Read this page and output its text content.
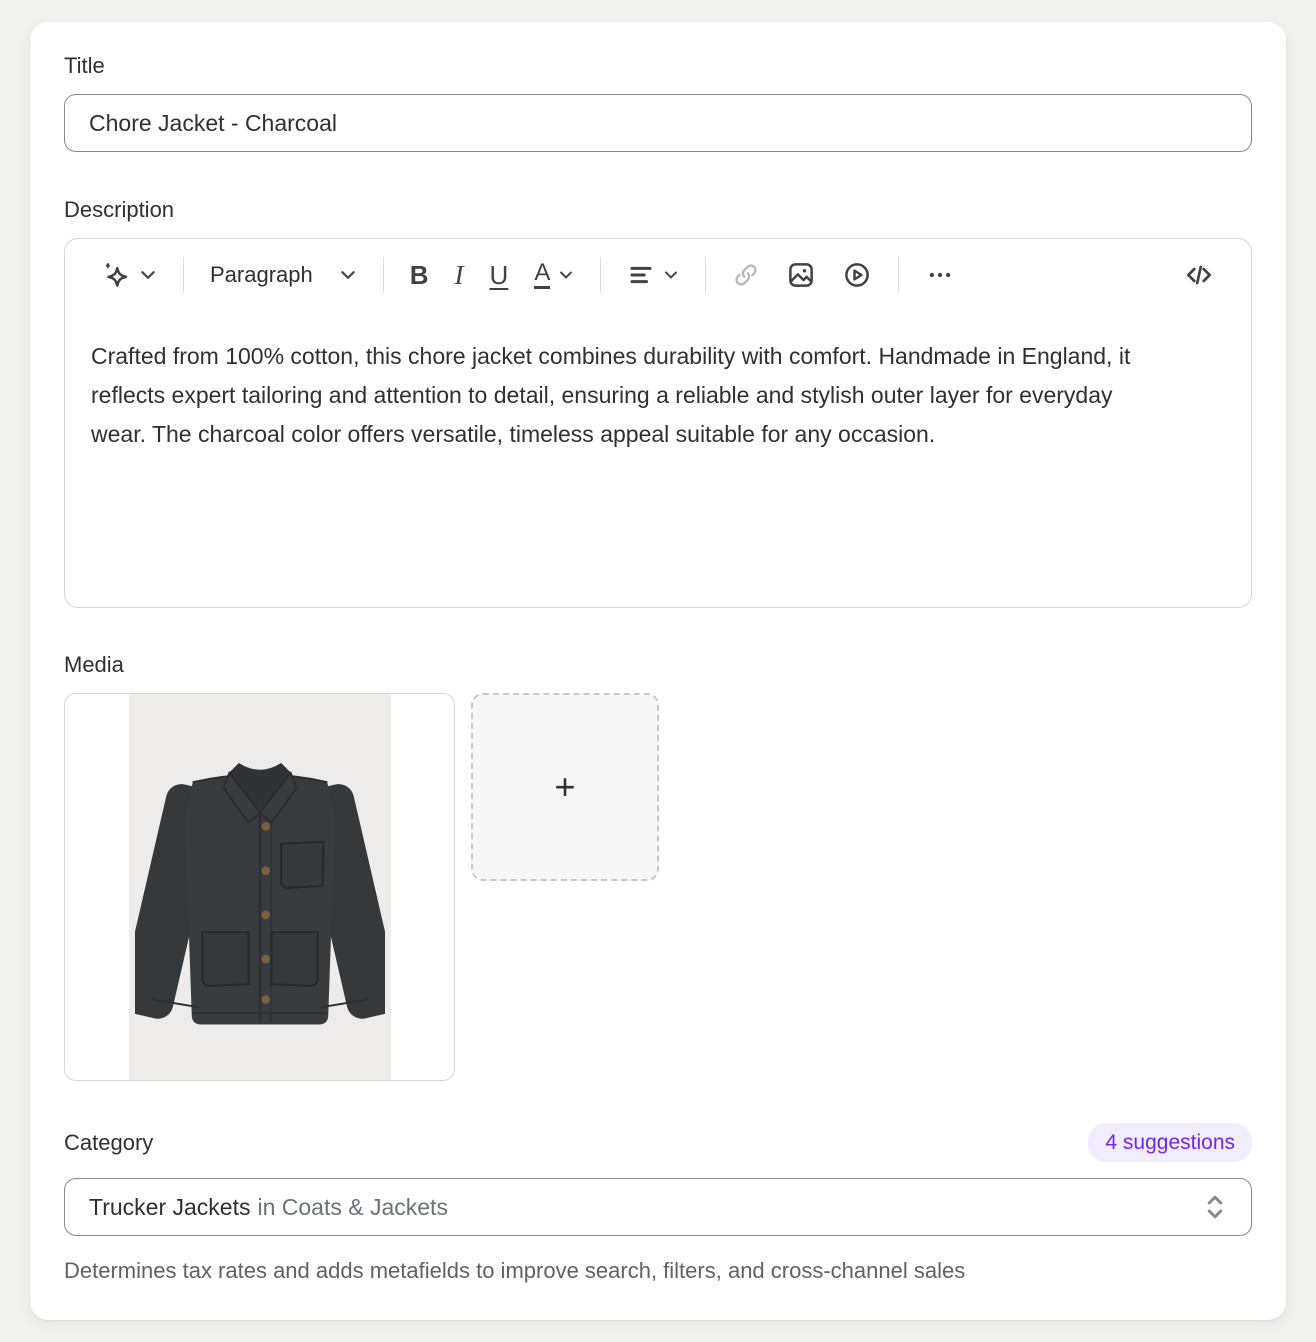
Title
Chore Jacket - Charcoal
Description
Paragraph	B I U A
Crafted from 100% cotton, this chore jacket combines durability with comfort. Handmade in England, it reflects expert tailoring and attention to detail, ensuring a reliable and stylish outer layer for everyday wear. The charcoal color offers versatile, timeless appeal suitable for any occasion.
Media
+
Category	4 suggestions
Trucker Jackets in Coats & Jackets
Determines tax rates and adds metafields to improve search, filters, and cross-channel sales
